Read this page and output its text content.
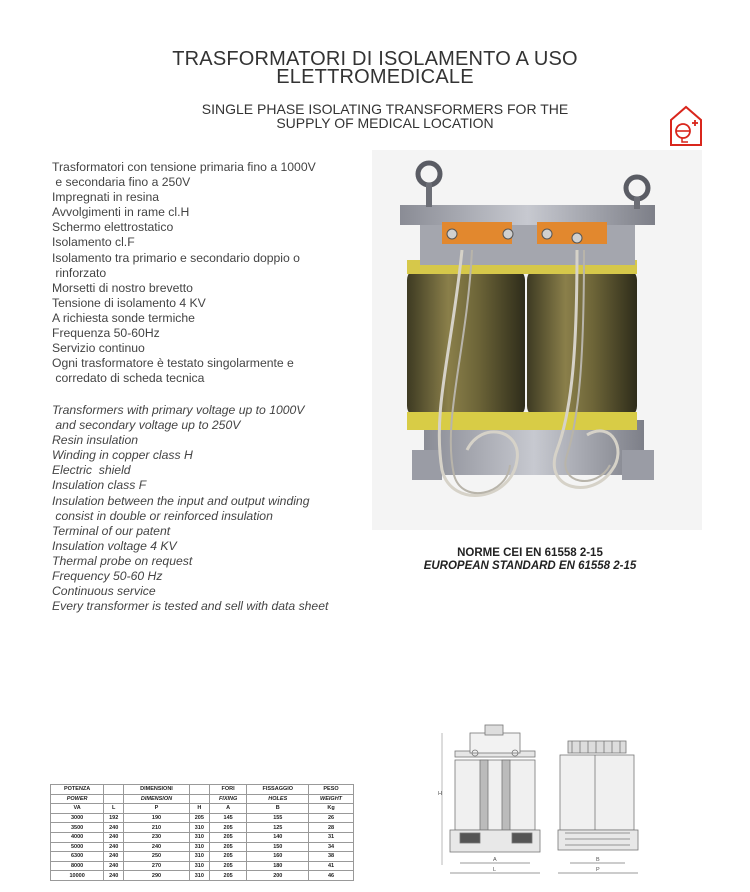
TRASFORMATORI DI ISOLAMENTO A USO
ELETTROMEDICALE
SINGLE PHASE ISOLATING TRANSFORMERS FOR THE
SUPPLY OF MEDICAL LOCATION
Trasformatori con tensione primaria fino a 1000V
e secondaria fino a 250V
Impregnati in resina
Avvolgimenti in rame cl.H
Schermo elettrostatico
Isolamento cl.F
Isolamento tra primario e secondario doppio o
rinforzato
Morsetti di nostro brevetto
Tensione di isolamento 4 KV
A richiesta sonde termiche
Frequenza 50-60Hz
Servizio continuo
Ogni trasformatore è testato singolarmente e
corredato di scheda tecnica
Transformers with primary voltage up to 1000V
and secondary voltage up to 250V
Resin insulation
Winding in copper class H
Electric  shield
Insulation class F
Insulation between the input and output winding
consist in double or reinforced insulation
Terminal of our patent
Insulation voltage 4 KV
Thermal probe on request
Frequency 50-60 Hz
Continuous service
Every transformer is tested and sell with data sheet
NORME CEI EN 61558 2-15
EUROPEAN STANDARD EN 61558 2-15
POTENZA		DIMENSIONI		FORI	FISSAGGIO	PESO
POWER		DIMENSION		FIXING	HOLES	WEIGHT
VA	L	P	H	A	B	Kg
3000	192	190	205	145	155	26
3500	240	210	310	205	125	28
4000	240	230	310	205	140	31
5000	240	240	310	205	150	34
6300	240	250	310	205	160	38
8000	240	270	310	205	180	41
10000	240	290	310	205	200	46
H
A
L
B
P
